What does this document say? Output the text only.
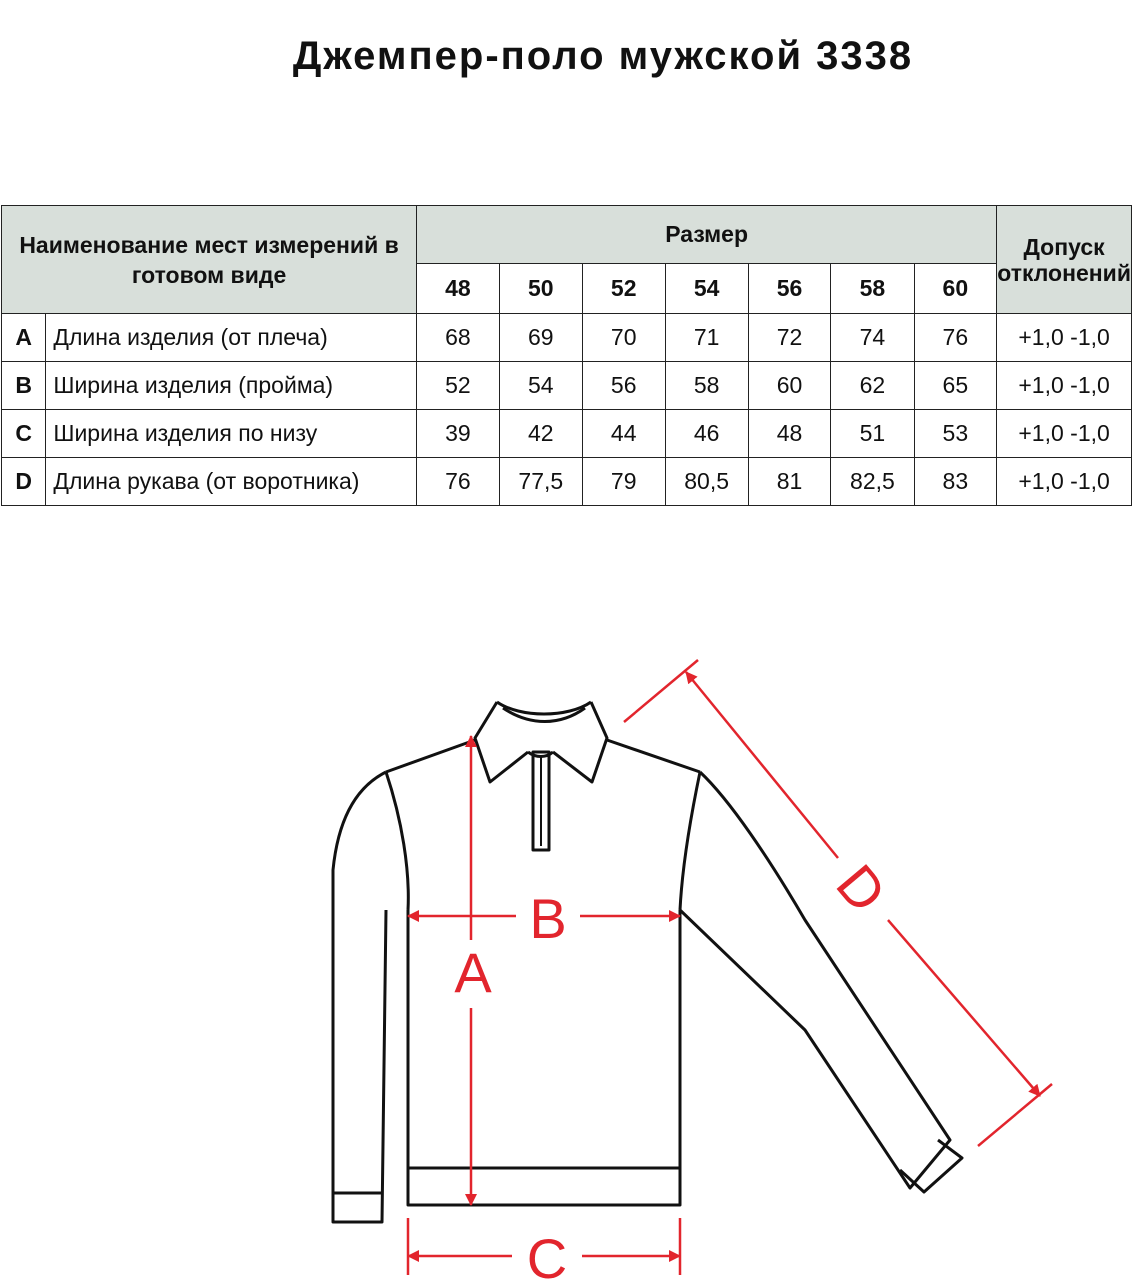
Джемпер-поло мужской 3338
Наименование мест измерений в готовом виде		Размер							Допуск отклонений
		48	50	52	54	56	58	60	
A	Длина изделия (от плеча)	68	69	70	71	72	74	76	+1,0 -1,0
B	Ширина изделия (пройма)	52	54	56	58	60	62	65	+1,0 -1,0
C	Ширина изделия по низу	39	42	44	46	48	51	53	+1,0 -1,0
D	Длина рукава (от воротника)	76	77,5	79	80,5	81	82,5	83	+1,0 -1,0
A
B
C
D
